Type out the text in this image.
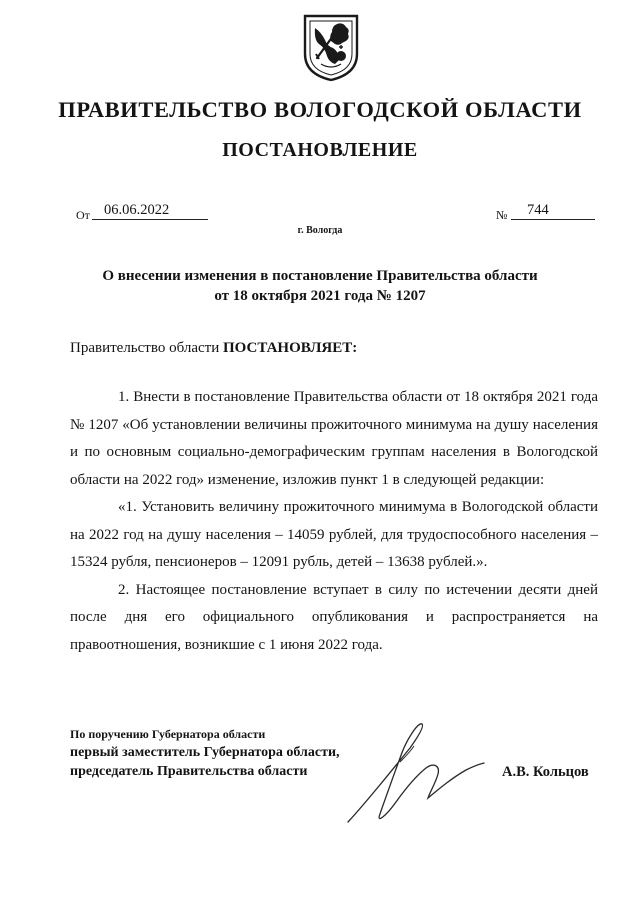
ПРАВИТЕЛЬСТВО ВОЛОГОДСКОЙ ОБЛАСТИ
ПОСТАНОВЛЕНИЕ
От 06.06.2022	№	744
г. Вологда
О внесении изменения в постановление Правительства области
от 18 октября 2021 года № 1207
Правительство области ПОСТАНОВЛЯЕТ:

1. Внести в постановление Правительства области от 18 октября 2021 года № 1207 «Об установлении величины прожиточного минимума на душу населения и по основным социально-демографическим группам населения в Вологодской области на 2022 год» изменение, изложив пункт 1 в следующей редакции:

«1. Установить величину прожиточного минимума в Вологодской области на 2022 год на душу населения – 14059 рублей, для трудоспособного населения – 15324 рубля, пенсионеров – 12091 рубль, детей – 13638 рублей.».

2. Настоящее постановление вступает в силу по истечении десяти дней после дня его официального опубликования и распространяется на правоотношения, возникшие с 1 июня 2022 года.

По поручению Губернатора области
первый заместитель Губернатора области,
председатель Правительства области	А.В. Кольцов
